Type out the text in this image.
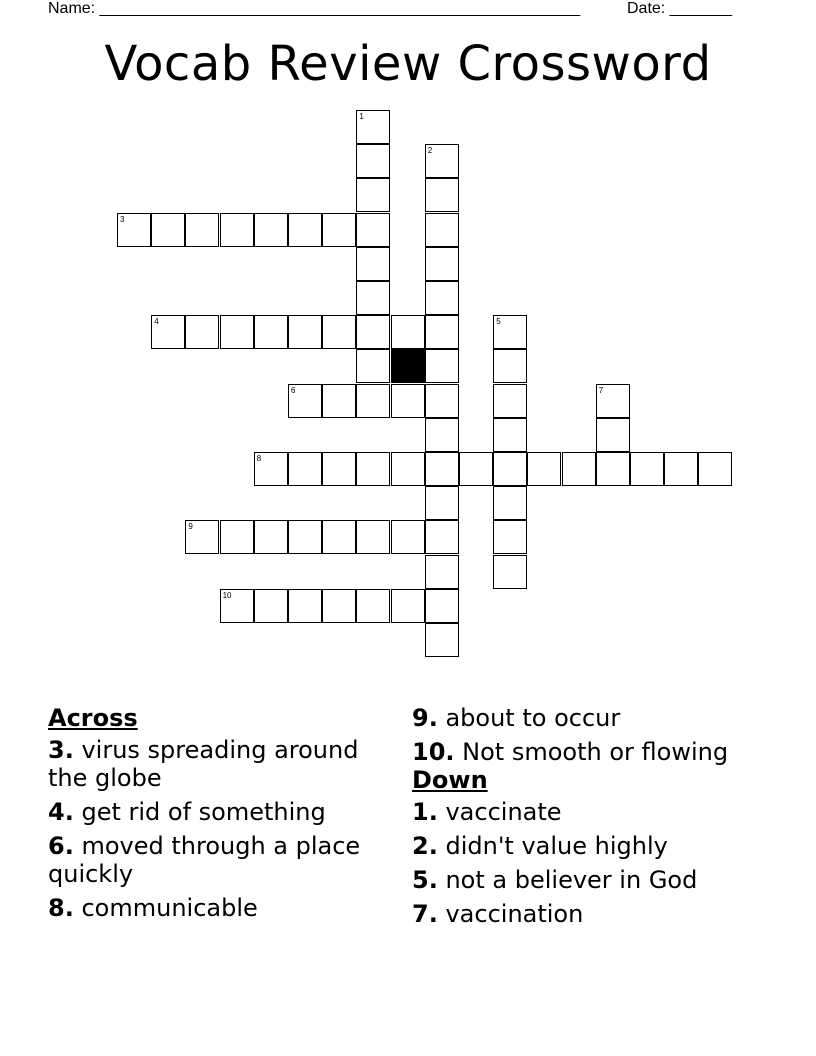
Name: ______________________________________________________	Date: _______
Vocab Review Crossword
1
2
3
4	5
6	7
8
9
10
Across
3. virus spreading around the globe
4. get rid of something
6. moved through a place quickly
8. communicable
9. about to occur
10. Not smooth or flowing
Down
1. vaccinate
2. didn't value highly
5. not a believer in God
7. vaccination
